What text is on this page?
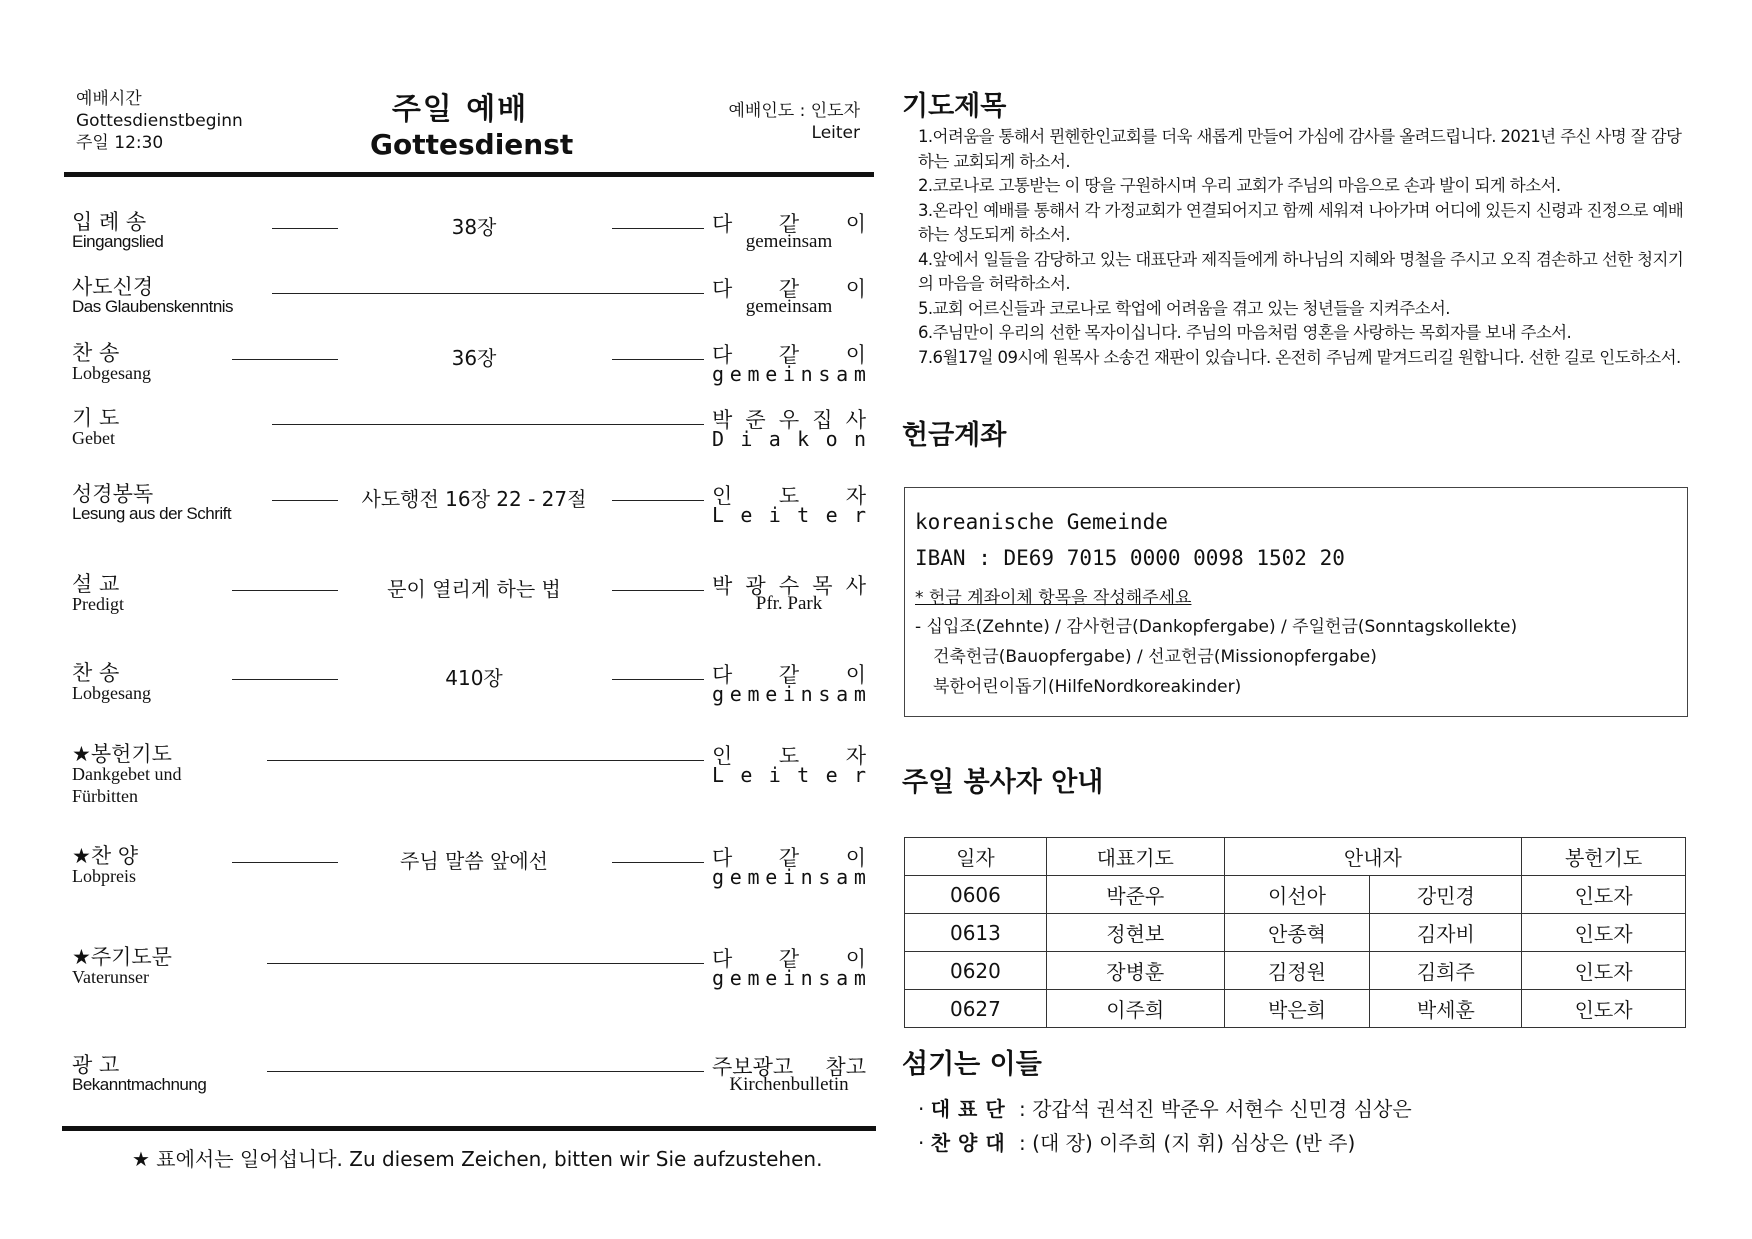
예배시간
Gottesdienstbeginn
주일 12:30
주일 예배
Gottesdienst
예배인도 : 인도자
Leiter
입 례 송
Eingangslied
38장	다 같 이
gemeinsam
사도신경
Das Glaubenskenntnis
다 같 이
gemeinsam
찬 송
Lobgesang
36장	다 같 이
g e m e i n s a m
기 도
Gebet
박 준 우 집 사
D i a k o n
성경봉독
Lesung aus der Schrift
사도행전 16장 22 - 27절	인 도 자
L e i t e r
설 교
Predigt
문이 열리게 하는 법	박 광 수 목 사
Pfr. Park
찬 송
Lobgesang
410장	다 같 이
g e m e i n s a m
★봉헌기도
Dankgebet und
Fürbitten
인 도 자
L e i t e r
★찬 양
Lobpreis
주님 말씀 앞에선	다 같 이
g e m e i n s a m
★주기도문
Vaterunser
다 같 이
g e m e i n s a m
광 고
Bekanntmachnung
주보광고 참고
Kirchenbulletin
★ 표에서는 일어섭니다. Zu diesem Zeichen, bitten wir Sie aufzustehen.
기도제목
1.어려움을 통해서 뮌헨한인교회를 더욱 새롭게 만들어 가심에 감사를 올려드립니다. 2021년 주신 사명 잘 감당하는 교회되게 하소서.
2.코로나로 고통받는 이 땅을 구원하시며 우리 교회가 주님의 마음으로 손과 발이 되게 하소서.
3.온라인 예배를 통해서 각 가정교회가 연결되어지고 함께 세워져 나아가며 어디에 있든지 신령과 진정으로 예배하는 성도되게 하소서.
4.앞에서 일들을 감당하고 있는 대표단과 제직들에게 하나님의 지혜와 명철을 주시고 오직 겸손하고 선한 청지기의 마음을 허락하소서.
5.교회 어르신들과 코로나로 학업에 어려움을 겪고 있는 청년들을 지켜주소서.
6.주님만이 우리의 선한 목자이십니다. 주님의 마음처럼 영혼을 사랑하는 목회자를 보내 주소서.
7.6월17일 09시에 원목사 소송건 재판이 있습니다. 온전히 주님께 맡겨드리길 원합니다. 선한 길로 인도하소서.
헌금계좌
koreanische Gemeinde
IBAN : DE69 7015 0000 0098 1502 20
* 헌금 계좌이체 항목을 작성해주세요
- 십입조(Zehnte) / 감사헌금(Dankopfergabe) / 주일헌금(Sonntagskollekte)
건축헌금(Bauopfergabe) / 선교헌금(Missionopfergabe)
북한어린이돕기(HilfeNordkoreakinder)
주일 봉사자 안내
일자	대표기도	안내자		봉헌기도
0606	박준우	이선아	강민경	인도자
0613	정현보	안종혁	김자비	인도자
0620	장병훈	김정원	김희주	인도자
0627	이주희	박은희	박세훈	인도자
섬기는 이들
· 대표단 : 강갑석 권석진 박준우 서현수 신민경 심상은
· 찬양대 : (대 장) 이주희 (지 휘) 심상은 (반 주)
